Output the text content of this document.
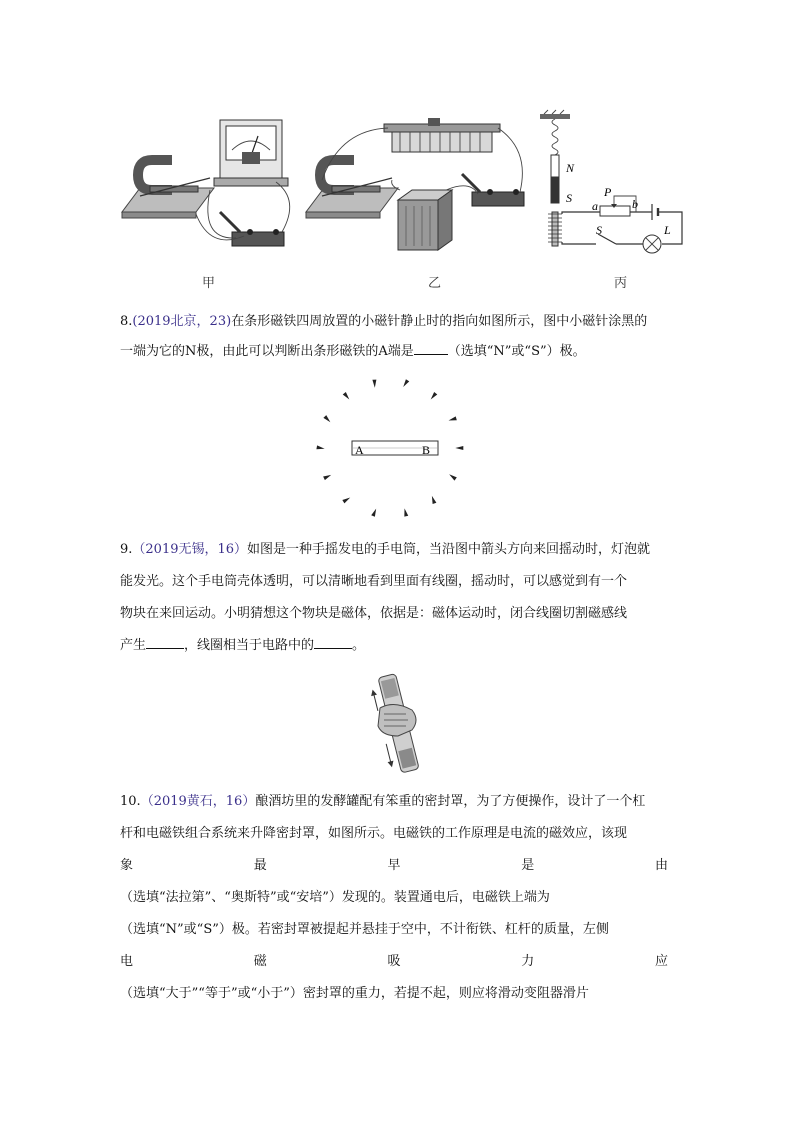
N
S	P
a	b
L
S
甲	乙	丙
8.(2019北京，23)在条形磁铁四周放置的小磁针静止时的指向如图所示，图中小磁针涂黑的
一端为它的N极，由此可以判断出条形磁铁的A端是	（选填“N”或“S”）极。
A	B
9.（2019无锡，16）如图是一种手摇发电的手电筒，当沿图中箭头方向来回摇动时，灯泡就
能发光。这个手电筒壳体透明，可以清晰地看到里面有线圈，摇动时，可以感觉到有一个
物块在来回运动。小明猜想这个物块是磁体，依据是：磁体运动时，闭合线圈切割磁感线
产生	，线圈相当于电路中的	。
10.（2019黄石，16）酿酒坊里的发酵罐配有笨重的密封罩，为了方便操作，设计了一个杠
杆和电磁铁组合系统来升降密封罩，如图所示。电磁铁的工作原理是电流的磁效应，该现
象	最	早	是	由
（选填“法拉第”、“奥斯特”或“安培”）发现的。装置通电后，电磁铁上端为
（选填“N”或“S”）极。若密封罩被提起并悬挂于空中，不计衔铁、杠杆的质量，左侧
电	磁	吸	力	应
（选填“大于”“等于”或“小于”）密封罩的重力，若提不起，则应将滑动变阻器滑片
